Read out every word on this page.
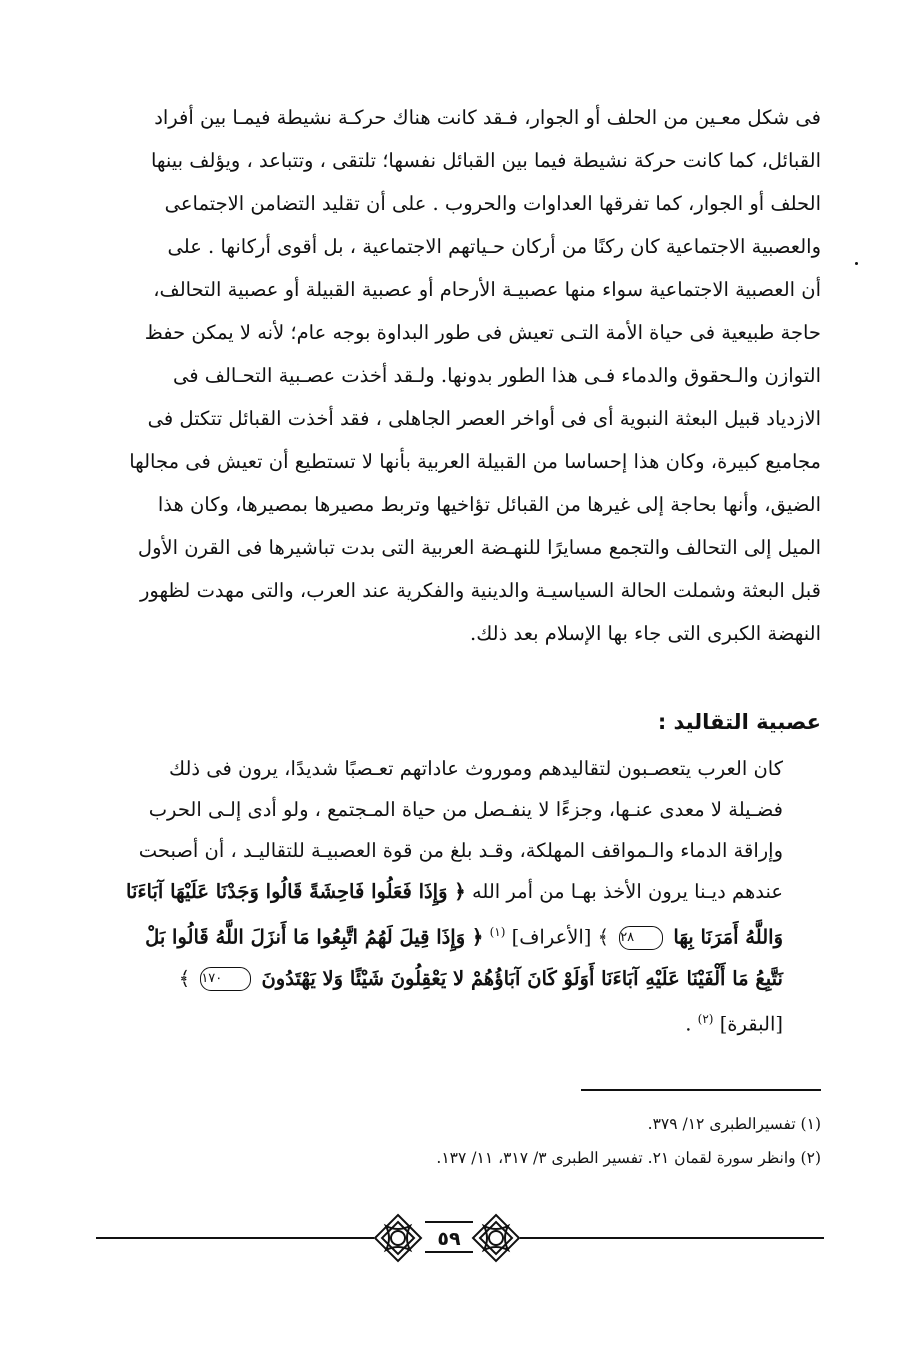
فى شكل معـين من الحلف أو الجوار، فـقد كانت هناك حركـة نشيطة فيمـا بين أفراد
القبائل، كما كانت حركة نشيطة فيما بين القبائل نفسها؛ تلتقى ، وتتباعد ، ويؤلف بينها
الحلف أو الجوار، كما تفرقها العداوات والحروب . على أن تقليد التضامن الاجتماعى
والعصبية الاجتماعية كان ركنًا من أركان حـياتهم الاجتماعية ، بل أقوى أركانها . على
أن العصبية الاجتماعية سواء منها عصبيـة الأرحام أو عصبية القبيلة أو عصبية التحالف،
حاجة طبيعية فى حياة الأمة التـى تعيش فى طور البداوة بوجه عام؛ لأنه لا يمكن حفظ
التوازن والـحقوق والدماء فـى هذا الطور بدونها. ولـقد أخذت عصـبية التحـالف فى
الازدياد قبيل البعثة النبوية أى فى أواخر العصر الجاهلى ، فقد أخذت القبائل تتكتل فى
مجاميع كبيرة، وكان هذا إحساسا من القبيلة العربية بأنها لا تستطيع أن تعيش فى مجالها
الضيق، وأنها بحاجة إلى غيرها من القبائل تؤاخيها وتربط مصيرها بمصيرها، وكان هذا
الميل إلى التحالف والتجمع مسايرًا للنهـضة العربية التى بدت تباشيرها فى القرن الأول
قبل البعثة وشملت الحالة السياسيـة والدينية والفكرية عند العرب، والتى مهدت لظهور
النهضة الكبرى التى جاء بها الإسلام بعد ذلك.
عصبية التقاليد :
كان العرب يتعصـبون لتقاليدهم وموروث عاداتهم تعـصبًا شديدًا، يرون فى ذلك
فضـيلة لا معدى عنـها، وجزءًا لا ينفـصل من حياة المـجتمع ، ولو أدى إلـى الحرب
وإراقة الدماء والـمواقف المهلكة، وقـد بلغ من قوة العصبيـة للتقاليـد ، أن أصبحت
عندهم ديـنا يرون الأخذ بهـا من أمر الله ﴿ وَإِذَا فَعَلُوا فَاحِشَةً قَالُوا وَجَدْنَا عَلَيْهَا آبَاءَنَا
وَاللَّهُ أَمَرَنَا بِهَا ٢٨ ﴾ [الأعراف] $^{(١)}$ ﴿ وَإِذَا قِيلَ لَهُمُ اتَّبِعُوا مَا أَنزَلَ اللَّهُ قَالُوا بَلْ
نَتَّبِعُ مَا أَلْفَيْنَا عَلَيْهِ آبَاءَنَا أَوَلَوْ كَانَ آبَاؤُهُمْ لا يَعْقِلُونَ شَيْئًا وَلا يَهْتَدُونَ ١٧٠ ﴾
[البقرة] $^{(٢)}$ .
(١) تفسيرالطبرى ١٢/ ٣٧٩.
(٢) وانظر سورة لقمان ٢١. تفسير الطبرى ٣/ ٣١٧، ١١/ ١٣٧.
٥٩
